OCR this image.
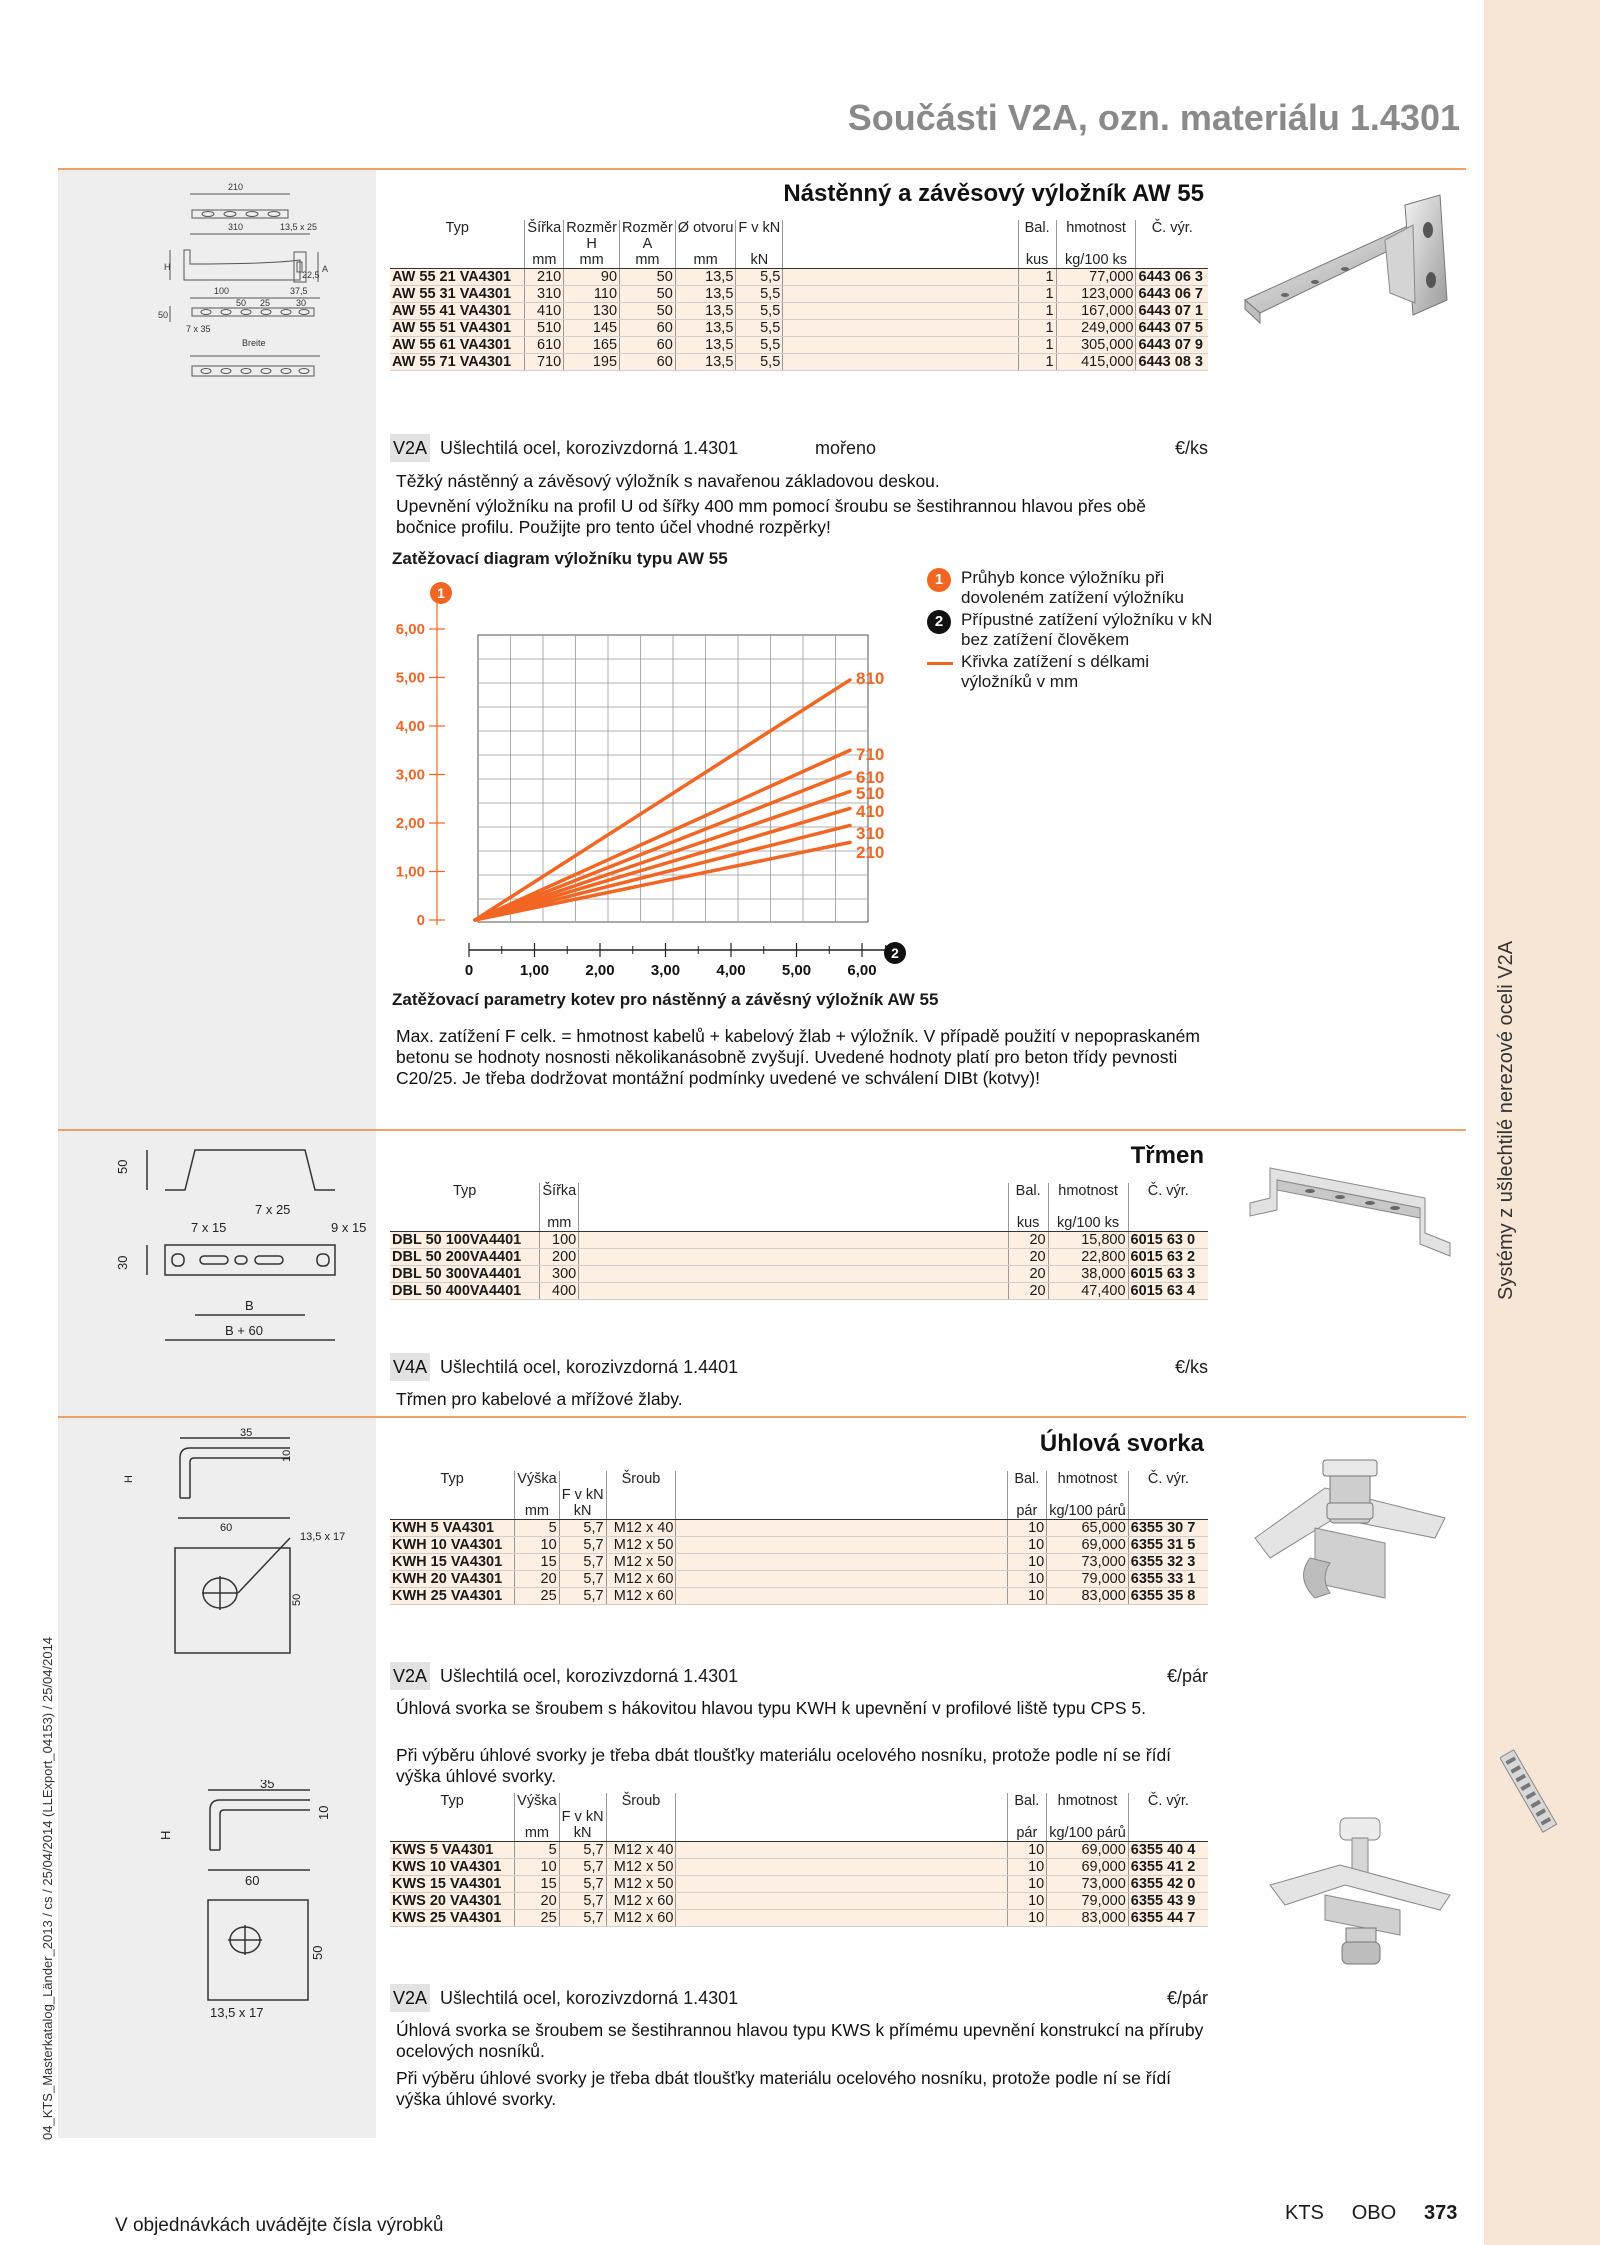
Systémy z ušlechtilé nerezové oceli V2A
Součásti V2A, ozn. materiálu 1.4301
210
310	13,5 x 25
H	A
100
50
37,5
25	30
22,5
50
7 x 35
Breite
Nástěnný a závěsový výložník AW 55
Typ	Šířka	Rozměr	Rozměr	Ø otvoru	F v kN		Bal.	hmotnost	Č. výr.
		H	A						
	mm	mm	mm	mm	kN		kus	kg/100 ks	
AW 55 21 VA4301	210	90	50	13,5	5,5		1	77,000	6443 06 3
AW 55 31 VA4301	310	110	50	13,5	5,5		1	123,000	6443 06 7
AW 55 41 VA4301	410	130	50	13,5	5,5		1	167,000	6443 07 1
AW 55 51 VA4301	510	145	60	13,5	5,5		1	249,000	6443 07 5
AW 55 61 VA4301	610	165	60	13,5	5,5		1	305,000	6443 07 9
AW 55 71 VA4301	710	195	60	13,5	5,5		1	415,000	6443 08 3
V2A Ušlechtilá ocel, korozivzdorná 1.4301	mořeno	€/ks
Těžký nástěnný a závěsový výložník s navařenou základovou deskou.
Upevnění výložníku na profil U od šířky 400 mm pomocí šroubu se šestihrannou hlavou přes obě bočnice profilu. Použijte pro tento účel vhodné rozpěrky!
Zatěžovací diagram výložníku typu AW 55
810
710
610
510
410
310
210
0
1,00
2,00
3,00
4,00
5,00
6,00
0	1,00 2,00 3,00 4,00 5,00 6,00
1
2
1	Průhyb konce výložníku při dovoleném zatížení výložníku
2	Přípustné zatížení výložníku v kN bez zatížení člověkem
Křivka zatížení s délkami výložníků v mm
Zatěžovací parametry kotev pro nástěnný a závěsný výložník AW 55
Max. zatížení F celk. = hmotnost kabelů + kabelový žlab + výložník. V případě použití v nepopraskaném betonu se hodnoty nosnosti několikanásobně zvyšují. Uvedené hodnoty platí pro beton třídy pevnosti C20/25. Je třeba dodržovat montážní podmínky uvedené ve schválení DIBt (kotvy)!
50
7 x 25
7 x 15	9 x 15
30
B
B + 60
Třmen
Typ	Šířka		Bal.	hmotnost	Č. výr.

	mm		kus	kg/100 ks	
DBL 50 100VA4401	100		20	15,800	6015 63 0
DBL 50 200VA4401	200		20	22,800	6015 63 2
DBL 50 300VA4401	300		20	38,000	6015 63 3
DBL 50 400VA4401	400		20	47,400	6015 63 4
V4A Ušlechtilá ocel, korozivzdorná 1.4401	€/ks
Třmen pro kabelové a mřížové žlaby.
35
10
H
60
13,5 x 17
50
Úhlová svorka
Typ	Výška		Šroub		Bal.	hmotnost	Č. výr.
		F v kN					
	mm	kN			pár	kg/100 párů	
KWH 5 VA4301	5	5,7	M12 x 40		10	65,000	6355 30 7
KWH 10 VA4301	10	5,7	M12 x 50		10	69,000	6355 31 5
KWH 15 VA4301	15	5,7	M12 x 50		10	73,000	6355 32 3
KWH 20 VA4301	20	5,7	M12 x 60		10	79,000	6355 33 1
KWH 25 VA4301	25	5,7	M12 x 60		10	83,000	6355 35 8
V2A Ušlechtilá ocel, korozivzdorná 1.4301	€/pár
Úhlová svorka se šroubem s hákovitou hlavou typu KWH k upevnění v profilové liště typu CPS 5.
Při výběru úhlové svorky je třeba dbát tloušťky materiálu ocelového nosníku, protože podle ní se řídí výška úhlové svorky.
35
10
H
60
13,5 x 17
50
Typ	Výška		Šroub		Bal.	hmotnost	Č. výr.
		F v kN					
	mm	kN			pár	kg/100 párů	
KWS 5 VA4301	5	5,7	M12 x 40		10	69,000	6355 40 4
KWS 10 VA4301	10	5,7	M12 x 50		10	69,000	6355 41 2
KWS 15 VA4301	15	5,7	M12 x 50		10	73,000	6355 42 0
KWS 20 VA4301	20	5,7	M12 x 60		10	79,000	6355 43 9
KWS 25 VA4301	25	5,7	M12 x 60		10	83,000	6355 44 7
V2A Ušlechtilá ocel, korozivzdorná 1.4301	€/pár
Úhlová svorka se šroubem se šestihrannou hlavou typu KWS k přímému upevnění konstrukcí na příruby ocelových nosníků.
Při výběru úhlové svorky je třeba dbát tloušťky materiálu ocelového nosníku, protože podle ní se řídí výška úhlové svorky.
V objednávkách uvádějte čísla výrobků
KTS OBO 373
04_KTS_Masterkatalog_Länder_2013 / cs / 25/04/2014 (LLExport_04153) / 25/04/2014
